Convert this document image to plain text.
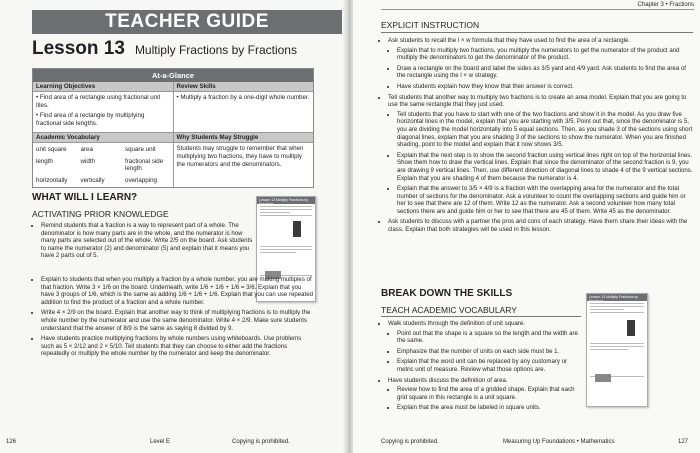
TEACHER GUIDE
Lesson 13 Multiply Fractions by Fractions
At-a-Glance
Learning Objectives

• Find area of a rectangle using fractional unit tiles.

• Find area of a rectangle by multiplying fractional side lengths.

Review Skills

• Multiply a fraction by a one-digit whole number.

Academic Vocabulary
unit square	area	square unit
length	width	fractional side length
horizontally	vertically	overlapping
Why Students May Struggle
Students may struggle to remember that when multiplying two fractions, they have to multiply the numerators and the denominators.
WHAT WILL I LEARN?
ACTIVATING PRIOR KNOWLEDGE
Lesson 13 Multiply Fractions by Fractions
• Remind students that a fraction is a way to represent part of a whole. The denominator is how many parts are in the whole, and the numerator is how many parts are selected out of the whole. Write 2/5 on the board. Ask students to name the numerator (2) and denominator (5) and explain that it means you have 2 parts out of 5.
• Explain to students that when you multiply a fraction by a whole number, you are making multiples of that fraction. Write 3 × 1/6 on the board. Underneath, write 1/6 + 1/6 + 1/6 = 3/6. Explain that you have 3 groups of 1/6, which is the same as adding 1/6 + 1/6 + 1/6. Explain that you can use repeated addition to find the product of a fraction and a whole number.
• Write 4 × 2/9 on the board. Explain that another way to think of multiplying fractions is to multiply the whole number by the numerator and use the same denominator. Write 4 × 2/9. Make sure students understand that the answer of 8/9 is the same as saying 8 divided by 9.
• Have students practice multiplying fractions by whole numbers using whiteboards. Use problems such as 5 × 2/12 and 2 × 5/10. Tell students that they can choose to either add the fractions repeatedly or multiply the whole number by the numerator and keep the denominator.
126	Level E	Copying is prohibited.
Chapter 3 • Fractions
EXPLICIT INSTRUCTION
• Ask students to recall the l × w formula that they have used to find the area of a rectangle.
• Explain that to multiply two fractions, you multiply the numerators to get the numerator of the product and multiply the denominators to get the denominator of the product.
• Draw a rectangle on the board and label the sides as 3/5 yard and 4/9 yard. Ask students to find the area of the rectangle using the l × w strategy.
• Have students explain how they know that their answer is correct.
• Tell students that another way to multiply two fractions is to create an area model. Explain that you are going to use the same rectangle that they just used.
• Tell students that you have to start with one of the two fractions and show it in the model. As you draw five horizontal lines in the model, explain that you are starting with 3/5. Point out that, since the denominator is 5, you are dividing the model horizontally into 5 equal sections. Then, as you shade 3 of the sections using short diagonal lines, explain that you are shading 3 of the sections to show the numerator. When you are finished shading, point to the model and explain that it now shows 3/5.
• Explain that the next step is to show the second fraction using vertical lines right on top of the horizontal lines. Show them how to draw the vertical lines. Explain that since the denominator of the second fraction is 9, you are drawing 9 vertical lines. Then, use different direction of diagonal lines to shade 4 of the 9 vertical sections. Explain that you are shading 4 of them because the numerator is 4.
• Explain that the answer to 3/5 × 4/9 is a fraction with the overlapping area for the numerator and the total number of sections for the denominator. Ask a volunteer to count the overlapping sections and guide him or her to see that there are 12 of them. Write 12 as the numerator. Ask a second volunteer how many total sections there are and guide him or her to see that there are 45 of them. Write 45 as the denominator.
• Ask students to discuss with a partner the pros and cons of each strategy. Have them share their ideas with the class. Explain that both strategies will be used in this lesson.
BREAK DOWN THE SKILLS
TEACH ACADEMIC VOCABULARY
Lesson 13 Multiply Fractions by Fractions
• Walk students through the definition of unit square.
• Point out that the shape is a square so the length and the width are the same.
• Emphasize that the number of units on each side must be 1.
• Explain that the word unit can be replaced by any customary or metric unit of measure. Review what those options are.
• Have students discuss the definition of area.
• Review how to find the area of a gridded shape. Explain that each grid square in this rectangle is a unit square.
• Explain that the area must be labeled in square units.
Copying is prohibited.	Measuring Up Foundations • Mathematics	127
